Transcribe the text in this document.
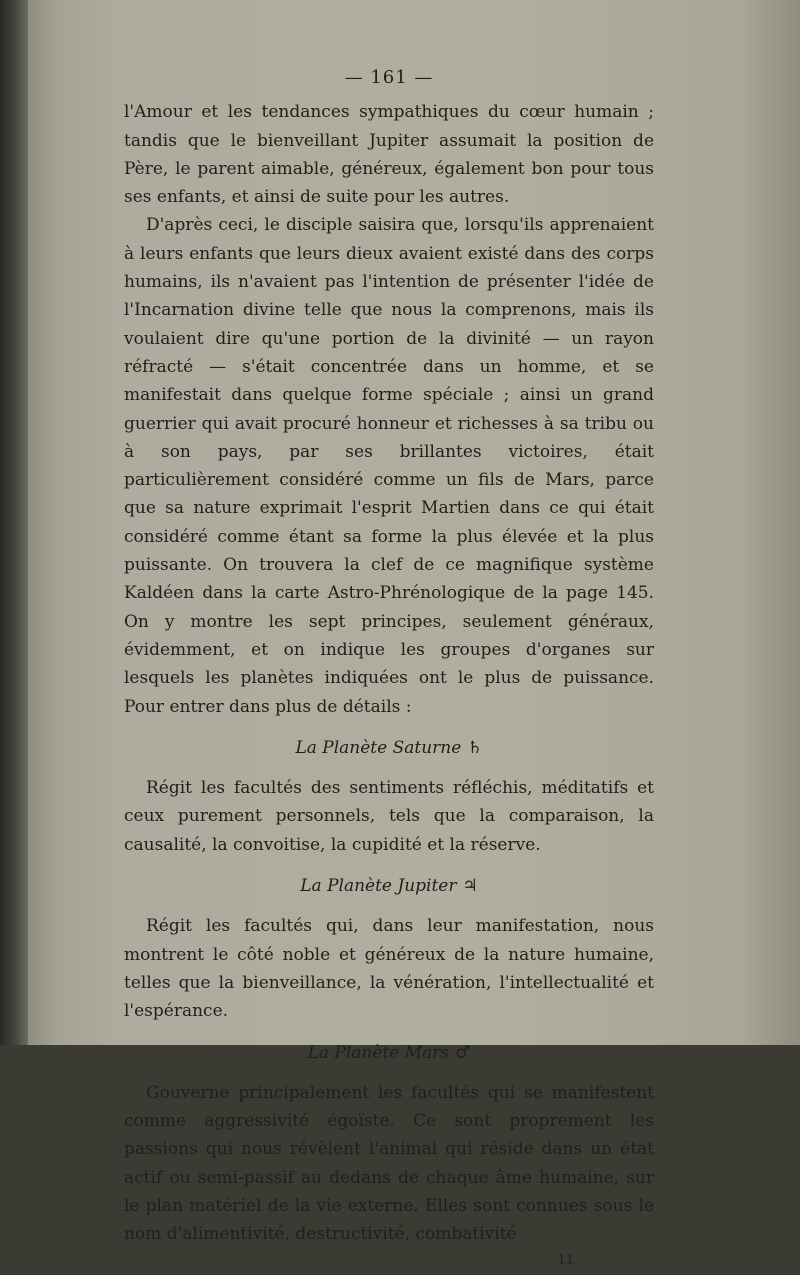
— 161 —

l'Amour et les tendances sympathiques du cœur humain ; tandis que le bienveillant Jupiter assumait la position de Père, le parent aimable, généreux, également bon pour tous ses enfants, et ainsi de suite pour les autres.

D'après ceci, le disciple saisira que, lorsqu'ils apprenaient à leurs enfants que leurs dieux avaient existé dans des corps humains, ils n'avaient pas l'intention de présenter l'idée de l'Incarnation divine telle que nous la comprenons, mais ils voulaient dire qu'une portion de la divinité — un rayon réfracté — s'était concentrée dans un homme, et se manifestait dans quelque forme spéciale ; ainsi un grand guerrier qui avait procuré honneur et richesses à sa tribu ou à son pays, par ses brillantes victoires, était particulièrement considéré comme un fils de Mars, parce que sa nature exprimait l'esprit Martien dans ce qui était considéré comme étant sa forme la plus élevée et la plus puissante. On trouvera la clef de ce magnifique système Kaldéen dans la carte Astro-Phrénologique de la page 145. On y montre les sept principes, seulement généraux, évidemment, et on indique les groupes d'organes sur lesquels les planètes indiquées ont le plus de puissance. Pour entrer dans plus de détails :

La Planète Saturne ♄

Régit les facultés des sentiments réfléchis, méditatifs et ceux purement personnels, tels que la comparaison, la causalité, la convoitise, la cupidité et la réserve.

La Planète Jupiter ♃

Régit les facultés qui, dans leur manifestation, nous montrent le côté noble et généreux de la nature humaine, telles que la bienveillance, la vénération, l'intellectualité et l'espérance.

La Planète Mars ♂

Gouverne principalement les facultés qui se manifestent comme aggressivité égoïste. Ce sont proprement les passions qui nous révèlent l'animal qui réside dans un état actif ou semi-passif au dedans de chaque âme humaine, sur le plan matériel de la vie externe. Elles sont connues sous le nom d'alimentivité, destructivité, combativité

11
